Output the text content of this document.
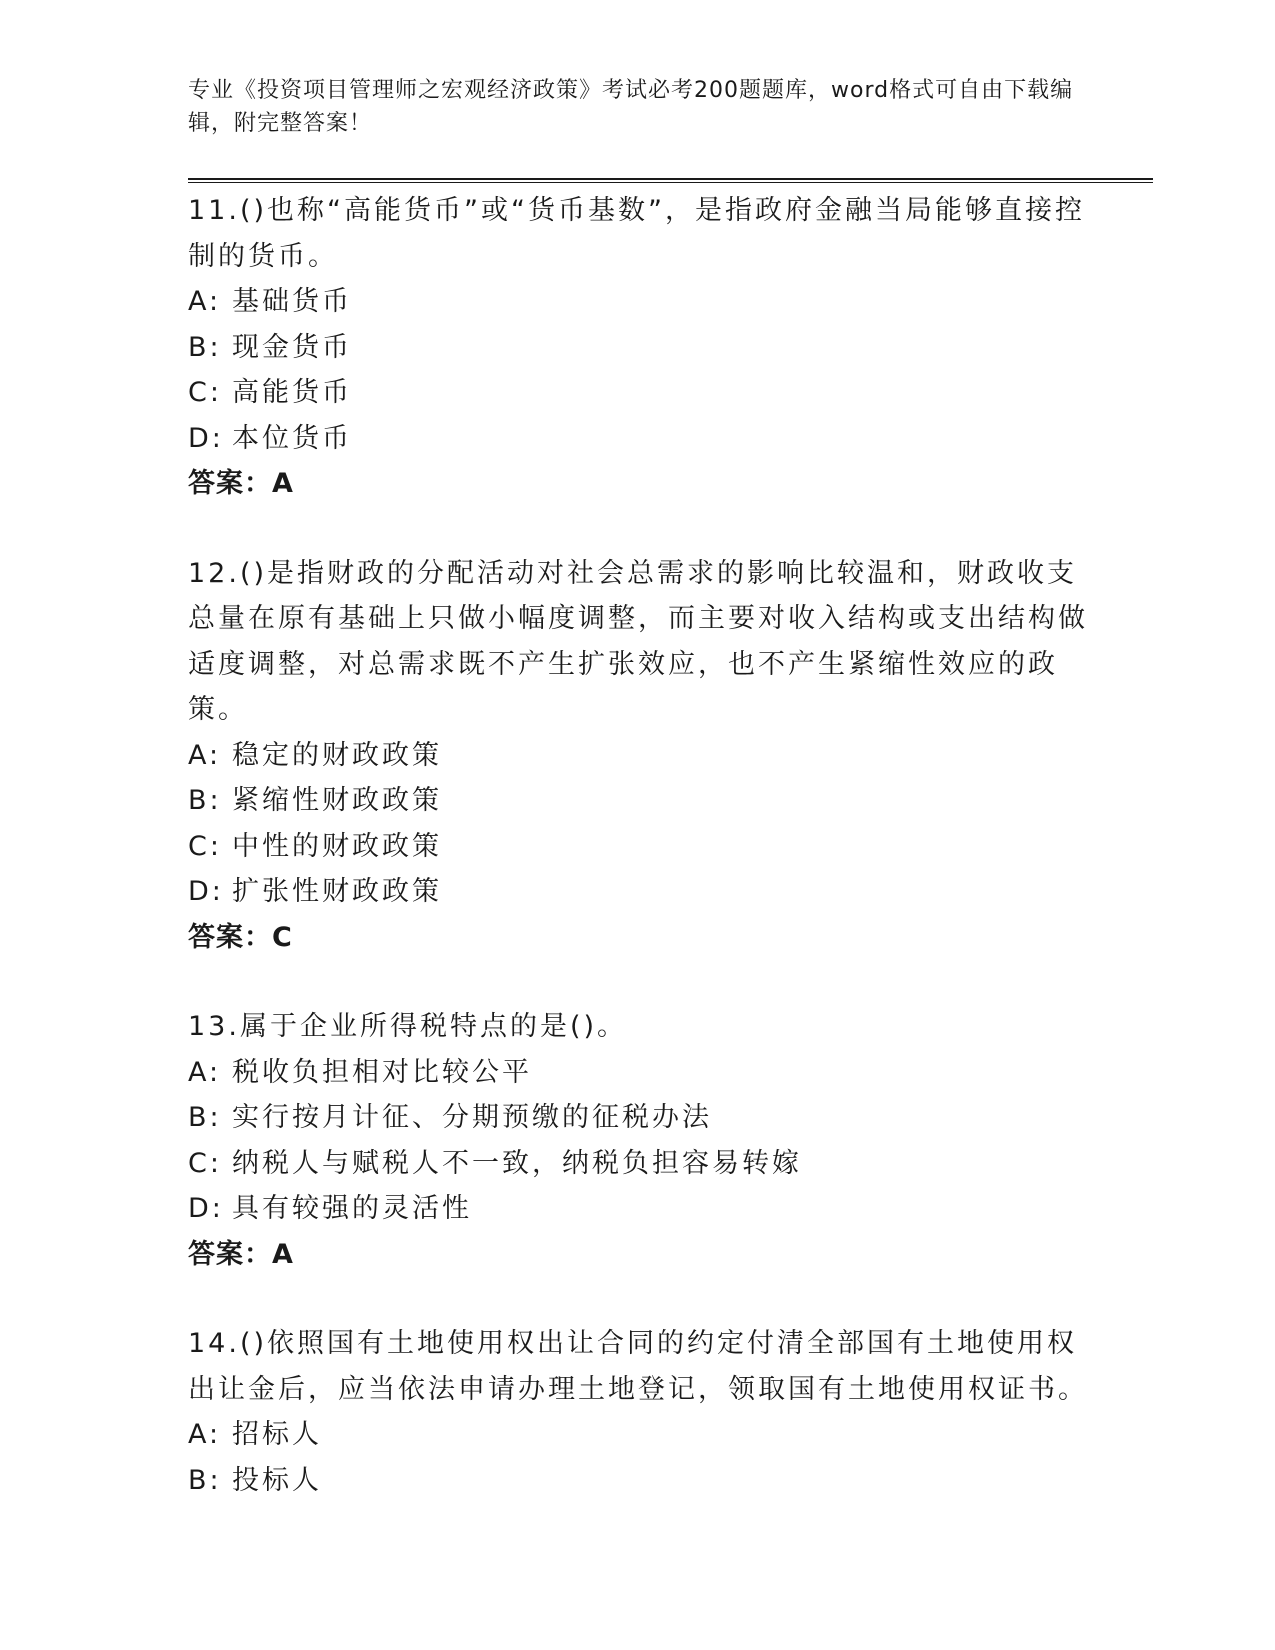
专业《投资项目管理师之宏观经济政策》考试必考200题题库，word格式可自由下载编辑，附完整答案！

11.()也称“高能货币”或“货币基数”，是指政府金融当局能够直接控制的货币。

A: 基础货币

B: 现金货币

C: 高能货币

D: 本位货币

答案：A

12.()是指财政的分配活动对社会总需求的影响比较温和，财政收支总量在原有基础上只做小幅度调整，而主要对收入结构或支出结构做适度调整，对总需求既不产生扩张效应，也不产生紧缩性效应的政策。

A: 稳定的财政政策

B: 紧缩性财政政策

C: 中性的财政政策

D: 扩张性财政政策

答案：C

13.属于企业所得税特点的是()。

A: 税收负担相对比较公平

B: 实行按月计征、分期预缴的征税办法

C: 纳税人与赋税人不一致，纳税负担容易转嫁

D: 具有较强的灵活性

答案：A

14.()依照国有土地使用权出让合同的约定付清全部国有土地使用权出让金后，应当依法申请办理土地登记，领取国有土地使用权证书。

A: 招标人

B: 投标人
